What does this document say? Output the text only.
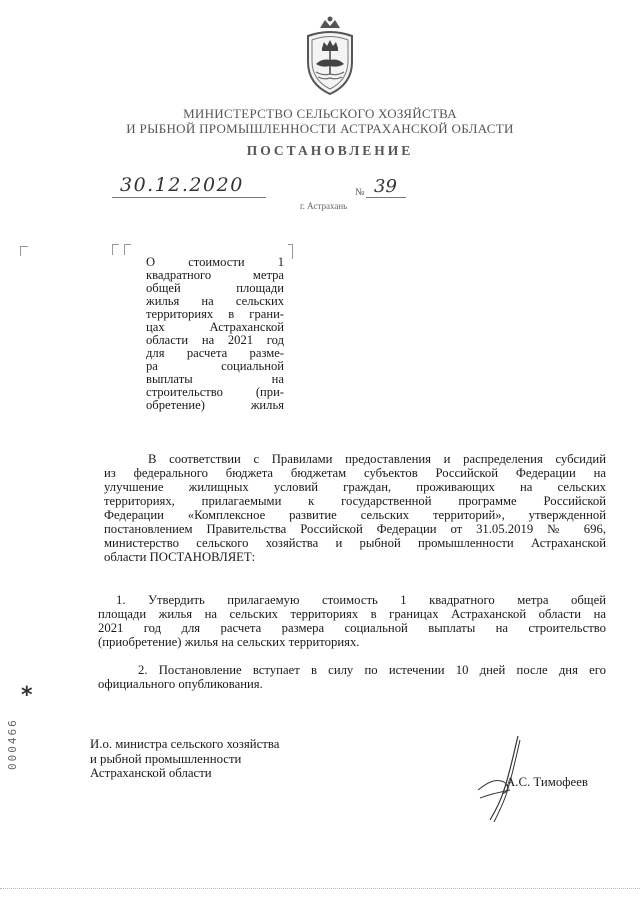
МИНИСТЕРСТВО СЕЛЬСКОГО ХОЗЯЙСТВА
И РЫБНОЙ ПРОМЫШЛЕННОСТИ АСТРАХАНСКОЙ ОБЛАСТИ
ПОСТАНОВЛЕНИЕ
30.12.2020	№ 39
г. Астрахань
О стоимости 1
квадратного метра
общей площади
жилья на сельских
территориях в грани-
цах Астраханской
области на 2021 год
для расчета разме-
ра социальной
выплаты на
строительство (при-
обретение) жилья
В соответствии с Правилами предоставления и распределения субсидий
из федерального бюджета бюджетам субъектов Российской Федерации на
улучшение жилищных условий граждан, проживающих на сельских
территориях, прилагаемыми к государственной программе Российской
Федерации «Комплексное развитие сельских территорий», утвержденной
постановлением Правительства Российской Федерации от 31.05.2019 № 696,
министерство сельского хозяйства и рыбной промышленности Астраханской
области ПОСТАНОВЛЯЕТ:
1. Утвердить прилагаемую стоимость 1 квадратного метра общей
площади жилья на сельских территориях в границах Астраханской области на
2021 год для расчета размера социальной выплаты на строительство
(приобретение) жилья на сельских территориях.
2. Постановление вступает в силу по истечении 10 дней после дня его
официального опубликования.
*
000466	И.о. министра сельского хозяйства
и рыбной промышленности
Астраханской области
А.С. Тимофеев
